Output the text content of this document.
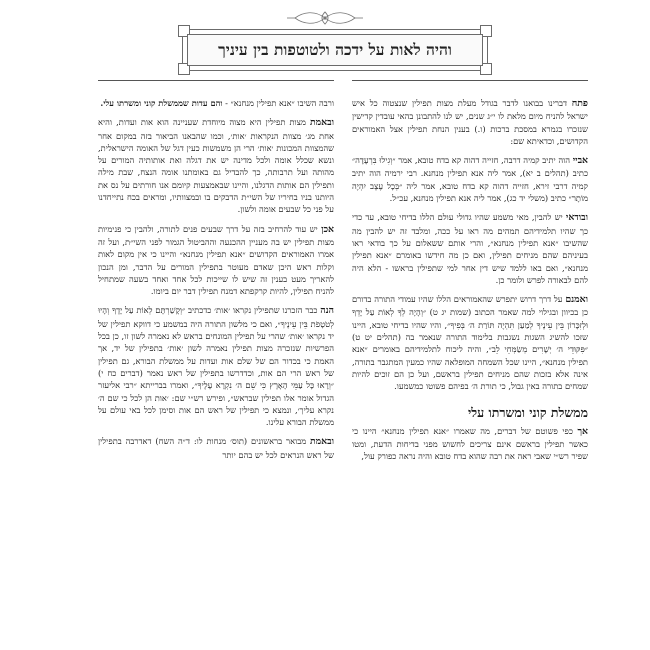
והיה לאות על ידכה ולטוטפות בין עיניך

פתח דברינו בבואנו לדבר בגודל מעלת מצות תפילין שנצטוה כל איש ישראל להניח מיום מלאת לו י״ג שנים, יש לנו להתבונן בהאי עובדין קדישין שנזכרו בגמרא במסכת ברכות (ו.) בענין הנחת תפילין אצל האמוראים הקדושים, וכדאיתא שם:

אביי הוה יתיב קמיה דרבה, חזייה דהוה קא בדח טובא, אמר ״וְגִילוּ בִּרְעָדָה״ כתיב (תהלים ב יא), אמר ליה אנא תפילין מנחנא. רבי ירמיה הוה יתיב קמיה דרבי זירא, חזייה דהוה קא בדח טובא, אמר ליה ״בְּכָל עֶצֶב יִהְיֶה מוֹתָר״ כתיב (משלי יד כג), אמר ליה אנא תפילין מנחנא, עכ״ל.

ובודאי יש להבין, מאי משמע שהיו גדולי עולם הללו בדיחי טובא, עד כדי כך שהיו תלמידיהם תמהים מה ראו על ככה, ומלבד זה יש להבין מה שהשיבו ״אנא תפילין מנחנא״, והרי אותם ששאלום על כך בודאי ראו בעיניהם שהם מניחים תפילין, ואם כן מה חידשו באומרם ״אנא תפילין מנחנא״, ואם באו ללמד שיש דין אחר למי שתפילין בראשו - הלא היה להם לבאורה לפרש ולומר כן.

ואמנם על דרך דרוש יתפרש שהאמוראים הללו שהיו עמודי התורה בדורם כן בכיוון ובגילוי למה שאמר הכתוב (שמות יג ט) ״וְהָיָה לְךָ לְאוֹת עַל יָדְךָ וּלְזִכָּרוֹן בֵּין עֵינֶיךָ לְמַעַן תִּהְיֶה תּוֹרַת ה׳ בְּפִיךָ״, והיו שהיו בדיחי טובא, היינו שזכו להשיג השגות נשגבות בלימוד התורה שנאמר בה (תהלים יט ט) ״פִּקּוּדֵי ה׳ יְשָׁרִים מְשַׂמְּחֵי לֵב״, והיה ליכוח לתלמידיהם באומרים ״אנא תפילין מנחנא״, היינו שכל השמחה המופלאה שהיו כמעין המתגבר בתורה, אינה אלא בזכות שהם מניחים תפילין בראשם, ועל כן הם זוכים להיות שמחים בתורה באין גבול, כי תורת ה׳ בפיהם פשוטו כמשמעו.

ממשלת קוני ומשרתו עלי

אך כפי פשוטם של דברים, מה שאמרו ״אנא תפילין מנחנא״ היינו כי כאשר תפילין בראשם אינם צריכים לחשוש מפני בדיחות הדעת, ומטו שפיר רש״י שאבי ראה את רבה שהוא בדח טובא והיה נראה כפורק עול,

ורבה השיבו ״אנא תפילין מנחנא״ - והם עדות שממשלת קוני ומשרתו עלי.

ובאמת מצות תפילין היא מצוה מיוחדת שעניינה הוא אות ועדות, והיא אחת מג׳ מצוות הנקראות ׳אות׳, וכמו שהבאנו הביאור בזה במקום אחר שהמצוות המכונות ׳אות׳ הרי הן משמשות כעין דגל של האומה הישראלית, ונשא שכלל אומה ולכל מדינה יש את דגלה ואת אותותיה המורים על מהותה ועל תרבותה, כך להבדיל גם באומתנו אומה הנצח, שבת מילה ותפילין הם אותות הדגלנו, והיינו שבאמצעות קיומם אנו חורתים על נס את היותנו בניו בחיריו של השי״ת הדבקים בו ובמצוותיו, ומראים בכח נתייחדנו על פני כל שבעים אומה ולשון.

אכן יש עוד להרחיב בזה על דרך שבעים פנים לתורה, ולהבין כי פנימיות מצות תפילין יש בה מעניין ההכנעה וההביטול הגמור לפני השי״ת, ועל זה אמרו האמוראים הקדושים ״אנא תפילין מנחנא״ והיינו כי אין מקום לאות וקלות ראש היכן שאדם מעוטר בתפילין המורים על הדבר, ומן הנכון להאריך מעט בענין זה שיש לו שייכות לכל אחד ואחד בשעה שמתחיל להניח תפילין, להיות קרקפתא דמנח תפילין דבר יום ביומו.

הנה כבר הזכרנו שתפילין נקראו ׳אות׳ כדכתיב ״וְקָשַׁרְתָּם לְאוֹת עַל יָדֶךָ וְהָיוּ לְטֹטָפֹת בֵּין עֵינֶיךָ״, ואם כי מלשון התורה היה במשמע כי דווקא תפילין של יד נקראו ׳אות׳ שהרי על תפילין המונחים בראש לא נאמרה לשון זו, כן בכל הפרשיות שנזכרה מצות תפילין נאמרה לשון ׳אות׳ בתפילין של יד, אך האמת כי בכדור הם של שלם אות ועדות על ממשלת הבורא, גם תפילין של ראש הרי הם אות, וכדדרשו בתפילין של ראש נאמר (דברים כח י) ״וְרָאוּ כָּל עַמֵּי הָאָרֶץ כִּי שֵׁם ה׳ נִקְרָא עָלֶיךָ״, ואמרו בברייתא ״רבי אליעזר הגדול אומר אלו תפילין שבראש״, ופירש רש״י שם: ׳אות הן לכל כי שם ה׳ נקרא עליך׳, ונמצא כי תפילין של ראש הם אות וסימן לכל באי עולם על ממשלת הבורא עלינו.

ובאמת מבואר בראשונים (תוס׳ מנחות לו: ד״ה השח) דאדרבה בתפילין של ראש הנראים לכל יש בהם יותר
